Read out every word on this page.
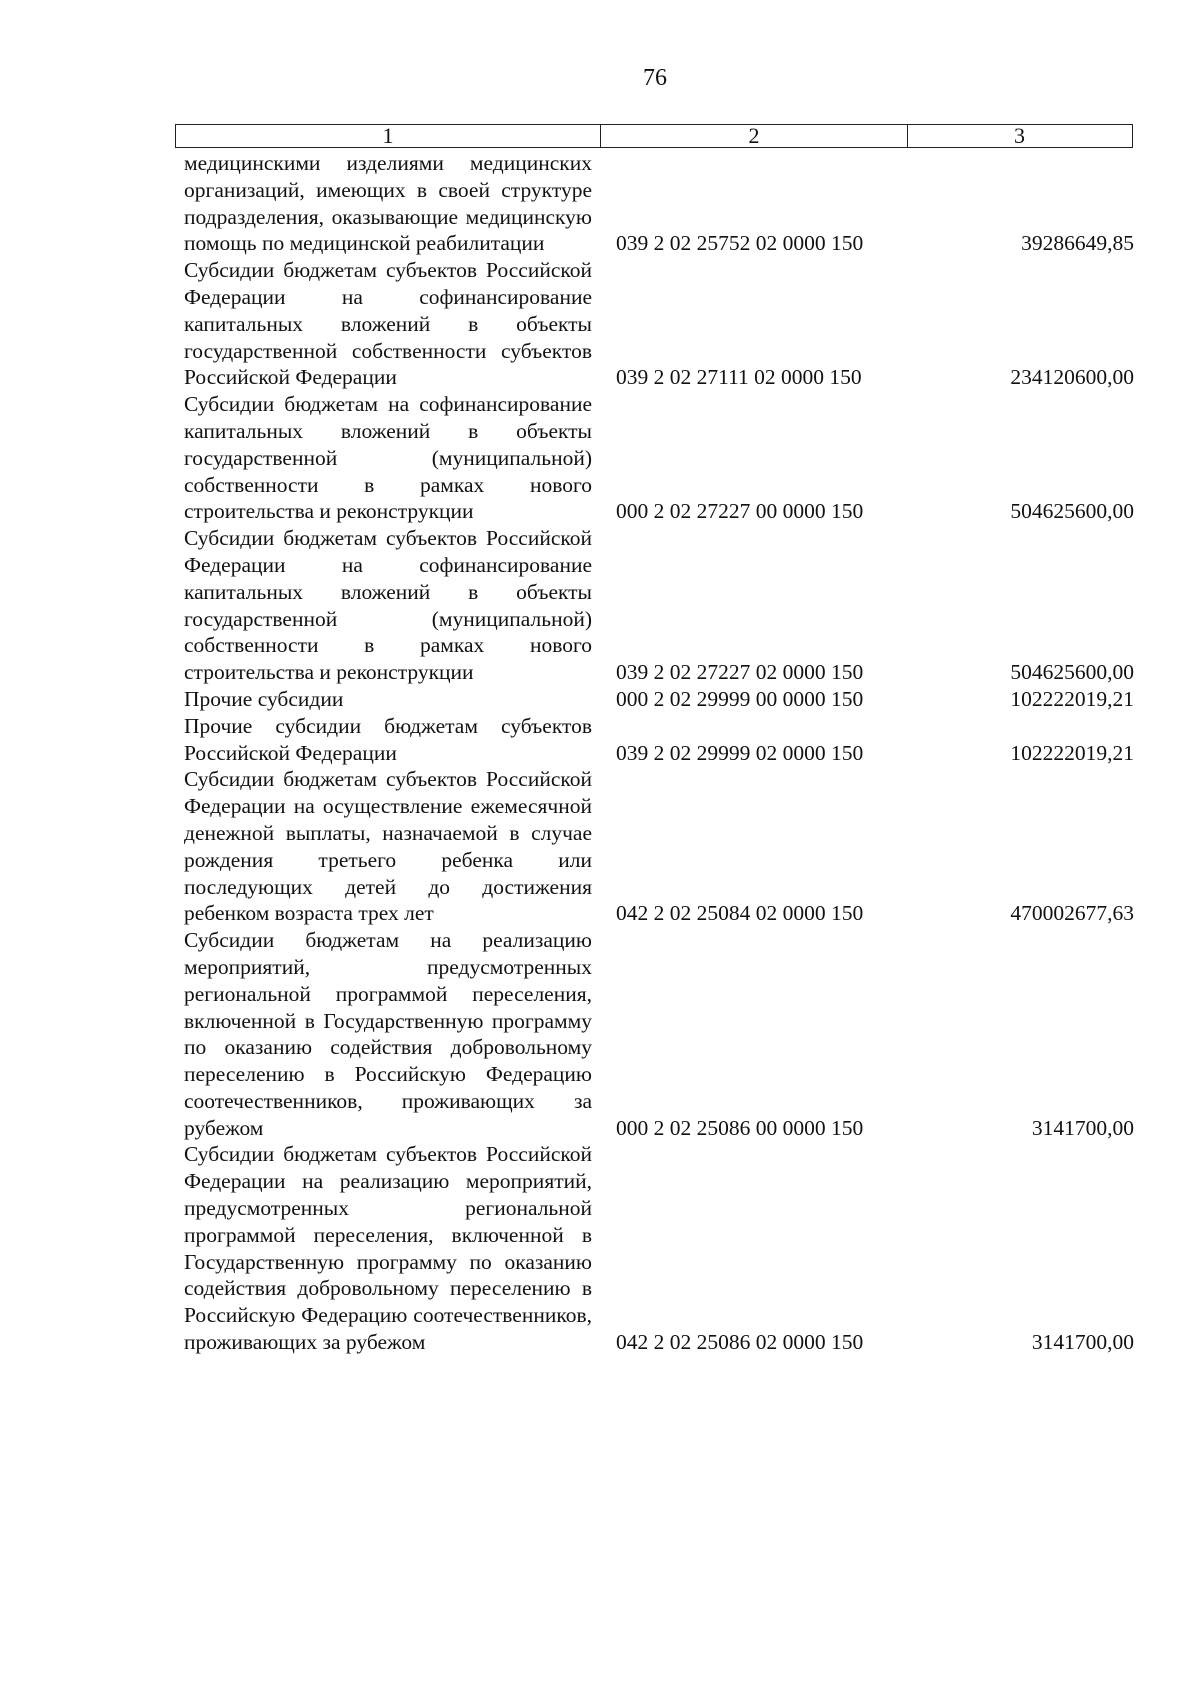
76
1	2	3
медицинскими изделиями медицинских организаций, имеющих в своей структуре подразделения, оказывающие медицинскую помощь по медицинской реабилитации	039 2 02 25752 02 0000 150	39286649,85
Субсидии бюджетам субъектов Российской Федерации на софинансирование капитальных вложений в объекты государственной собственности субъектов Российской Федерации	039 2 02 27111 02 0000 150	234120600,00
Субсидии бюджетам на софинансирование капитальных вложений в объекты государственной (муниципальной) собственности в рамках нового строительства и реконструкции	000 2 02 27227 00 0000 150	504625600,00
Субсидии бюджетам субъектов Российской Федерации на софинансирование капитальных вложений в объекты государственной (муниципальной) собственности в рамках нового строительства и реконструкции	039 2 02 27227 02 0000 150	504625600,00
Прочие субсидии	000 2 02 29999 00 0000 150	102222019,21
Прочие субсидии бюджетам субъектов Российской Федерации	039 2 02 29999 02 0000 150	102222019,21
Субсидии бюджетам субъектов Российской Федерации на осуществление ежемесячной денежной выплаты, назначаемой в случае рождения третьего ребенка или последующих детей до достижения ребенком возраста трех лет	042 2 02 25084 02 0000 150	470002677,63
Субсидии бюджетам на реализацию мероприятий, предусмотренных региональной программой переселения, включенной в Государственную программу по оказанию содействия добровольному переселению в Российскую Федерацию соотечественников, проживающих за рубежом	000 2 02 25086 00 0000 150	3141700,00
Субсидии бюджетам субъектов Российской Федерации на реализацию мероприятий, предусмотренных региональной программой переселения, включенной в Государственную программу по оказанию содействия добровольному переселению в Российскую Федерацию соотечественников, проживающих за рубежом	042 2 02 25086 02 0000 150	3141700,00
